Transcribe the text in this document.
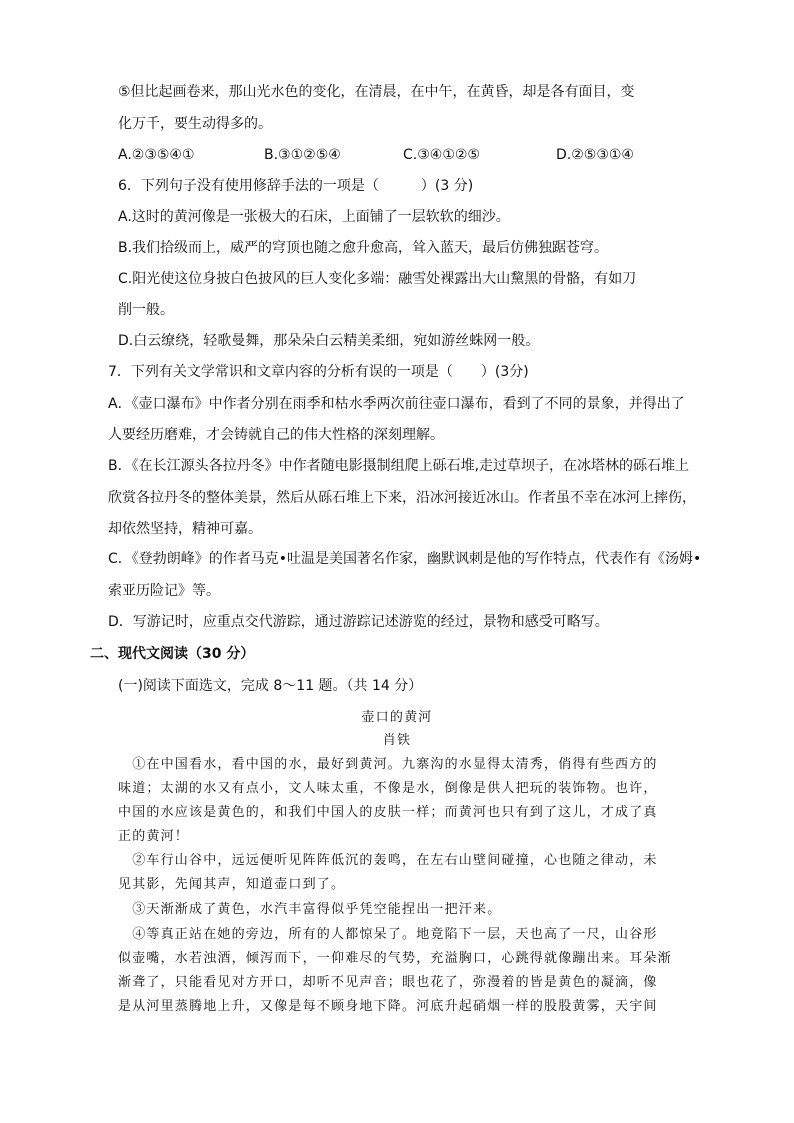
⑤但比起画卷来，那山光水色的变化，在清晨，在中午，在黄昏，却是各有面目，变
化万千，要生动得多的。
A.②③⑤④①	B.③①②⑤④	C.③④①②⑤	D.②⑤③①④
6．下列句子没有使用修辞手法的一项是（　　　）(3 分)
A.这时的黄河像是一张极大的石床，上面铺了一层软软的细沙。
B.我们拾级而上，威严的穹顶也随之愈升愈高，耸入蓝天，最后仿佛独踞苍穹。
C.阳光使这位身披白色披风的巨人变化多端：融雪处裸露出大山黧黑的骨骼，有如刀
削一般。
D.白云缭绕，轻歌曼舞，那朵朵白云精美柔细，宛如游丝蛛网一般。
7．下列有关文学常识和文章内容的分析有误的一项是（　　）(3分)
A．《壶口瀑布》中作者分别在雨季和枯水季两次前往壶口瀑布，看到了不同的景象，并得出了
人要经历磨难，才会铸就自己的伟大性格的深刻理解。
B．《在长江源头各拉丹冬》中作者随电影摄制组爬上砾石堆,走过草坝子，在冰塔林的砾石堆上
欣赏各拉丹冬的整体美景，然后从砾石堆上下来，沿冰河接近冰山。作者虽不幸在冰河上摔伤，
却依然坚持，精神可嘉。
C．《登勃朗峰》的作者马克•吐温是美国著名作家，幽默讽刺是他的写作特点，代表作有《汤姆•
索亚历险记》等。
D．写游记时，应重点交代游踪，通过游踪记述游览的经过，景物和感受可略写。
二、现代文阅读（30 分）
(一)阅读下面选文，完成 8～11 题。（共 14 分）
壶口的黄河
肖铁
　①在中国看水，看中国的水，最好到黄河。九寨沟的水显得太清秀，俏得有些西方的
味道；太湖的水又有点小，文人味太重，不像是水，倒像是供人把玩的装饰物。也许，
中国的水应该是黄色的，和我们中国人的皮肤一样；而黄河也只有到了这儿，才成了真
正的黄河！
　②车行山谷中，远远便听见阵阵低沉的轰鸣，在左右山壁间碰撞，心也随之律动，未
见其影，先闻其声，知道壶口到了。
　③天渐渐成了黄色，水汽丰富得似乎凭空能捏出一把汗来。
　④等真正站在她的旁边，所有的人都惊呆了。地竟陷下一层，天也高了一尺，山谷形
似壶嘴，水若浊酒，倾泻而下，一仰难尽的气势，充溢胸口，心跳得就像蹦出来。耳朵渐
渐聋了，只能看见对方开口，却听不见声音；眼也花了，弥漫着的皆是黄色的凝滴，像
是从河里蒸腾地上升，又像是每不顾身地下降。河底升起硝烟一样的股股黄雾，天宇间
